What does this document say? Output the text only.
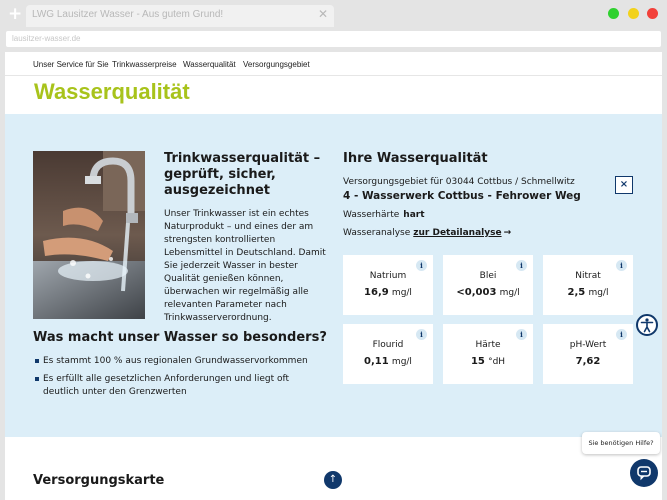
+ LWG Lausitzer Wasser - Aus gutem Grund!	✕
lausitzer-wasser.de
Unser Service für Sie Trinkwasserpreise Wasserqualität Versorgungsgebiet
Wasserqualität
Trinkwasserqualität – geprüft, sicher, ausgezeichnet
Unser Trinkwasser ist ein echtes Naturprodukt – und eines der am strengsten kontrollierten Lebensmittel in Deutschland. Damit Sie jederzeit Wasser in bester Qualität genießen können, überwachen wir regelmäßig alle relevanten Parameter nach Trinkwasserverordnung.
Was macht unser Wasser so besonders?
Es stammt 100 % aus regionalen Grundwasservorkommen
Es erfüllt alle gesetzlichen Anforderungen und liegt oft deutlich unter den Grenzwerten
Ihre Wasserqualität
Versorgungsgebiet für 03044 Cottbus / Schmellwitz
4 - Wasserwerk Cottbus - Fehrower Weg
×
Wasserhärte hart
Wasseranalyse zur Detailanalyse →
i
Natrium
16,9 mg/l
i
Blei
<0,003 mg/l
i
Nitrat
2,5 mg/l
i
Flourid
0,11 mg/l
i
Härte
15 °dH
i
pH-Wert
7,62
Versorgungskarte	↑
Sie benötigen Hilfe?
